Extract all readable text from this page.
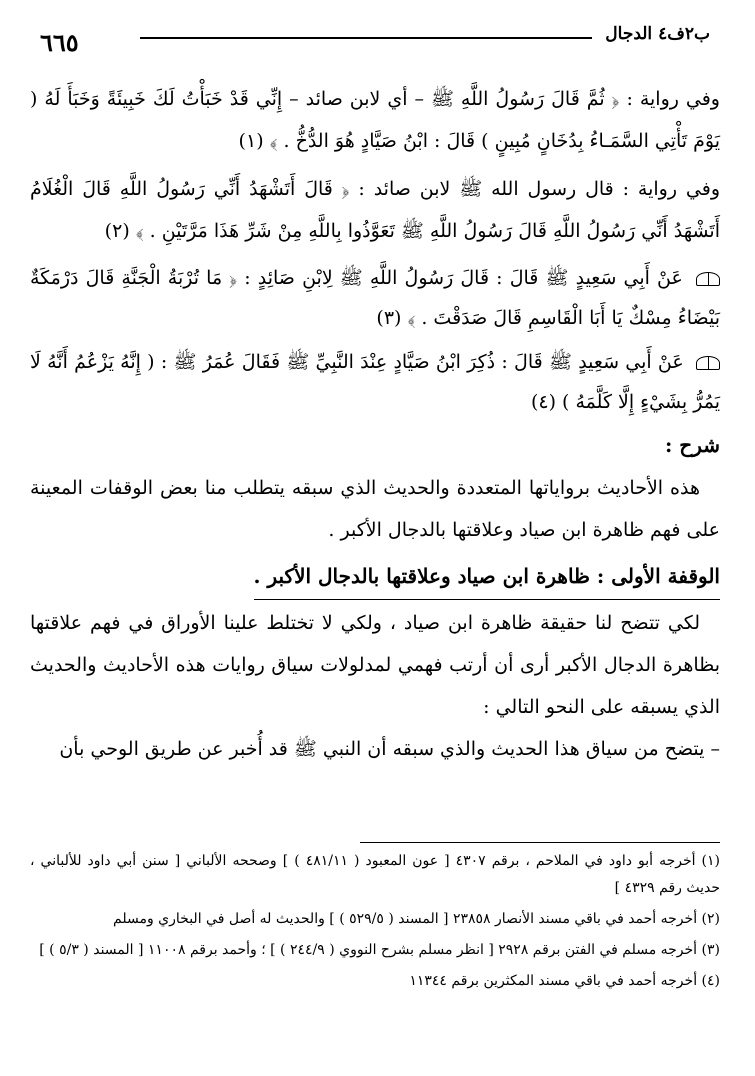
٦٦٥	ب٢ف٤ الدجال

وفي رواية : ﴿ ثُمَّ قَالَ رَسُولُ اللَّهِ ﷺ – أي لابن صائد – إِنِّي قَدْ خَبَأْتُ لَكَ خَبِيئَةً وَخَبَأَ لَهُ ( يَوْمَ تَأْتِي السَّمَـاءُ بِدُخَانٍ مُبِينٍ ) قَالَ : ابْنُ صَيَّادٍ هُوَ الدُّخُّ . ﴾ (١)

وفي رواية : قال رسول الله ﷺ لابن صائد : ﴿ قَالَ أَتَشْهَدُ أَنِّي رَسُولُ اللَّهِ قَالَ الْغُلَامُ أَتَشْهَدُ أَنِّي رَسُولُ اللَّهِ قَالَ رَسُولُ اللَّهِ ﷺ تَعَوَّذُوا بِاللَّهِ مِنْ شَرِّ هَذَا مَرَّتَيْنِ . ﴾ (٢)

عَنْ أَبِي سَعِيدٍ ﷺ قَالَ : قَالَ رَسُولُ اللَّهِ ﷺ لِابْنِ صَائِدٍ : ﴿ مَا تُرْبَةُ الْجَنَّةِ قَالَ دَرْمَكَةٌ بَيْضَاءُ مِسْكٌ يَا أَبَا الْقَاسِمِ قَالَ صَدَقْتَ . ﴾ (٣)

عَنْ أَبِي سَعِيدٍ ﷺ قَالَ : ذُكِرَ ابْنُ صَيَّادٍ عِنْدَ النَّبِيِّ ﷺ فَقَالَ عُمَرُ ﷺ : ( إِنَّهُ يَزْعُمُ أَنَّهُ لَا يَمُرُّ بِشَيْءٍ إِلَّا كَلَّمَهُ ) (٤)

شرح :

هذه الأحاديث برواياتها المتعددة والحديث الذي سبقه يتطلب منا بعض الوقفات المعينة على فهم ظاهرة ابن صياد وعلاقتها بالدجال الأكبر .

الوقفة الأولى : ظاهرة ابن صياد وعلاقتها بالدجال الأكبر .

لكي تتضح لنا حقيقة ظاهرة ابن صياد ، ولكي لا تختلط علينا الأوراق في فهم علاقتها بظاهرة الدجال الأكبر أرى أن أرتب فهمي لمدلولات سياق روايات هذه الأحاديث والحديث الذي يسبقه على النحو التالي :

– يتضح من سياق هذا الحديث والذي سبقه أن النبي ﷺ قد أُخبر عن طريق الوحي بأن

(١) أخرجه أبو داود في الملاحم ، برقم ٤٣٠٧ [ عون المعبود ( ٤٨١/١١ ) ] وصححه الألباني [ سنن أبي داود للألباني ، حديث رقم ٤٣٢٩ ]

(٢) أخرجه أحمد في باقي مسند الأنصار ٢٣٨٥٨ [ المسند ( ٥٢٩/٥ ) ] والحديث له أصل في البخاري ومسلم

(٣) أخرجه مسلم في الفتن برقم ٢٩٢٨ [ انظر مسلم بشرح النووي ( ٢٤٤/٩ ) ] ؛ وأحمد برقم ١١٠٠٨ [ المسند ( ٥/٣ ) ]

(٤) أخرجه أحمد في باقي مسند المكثرين برقم ١١٣٤٤
